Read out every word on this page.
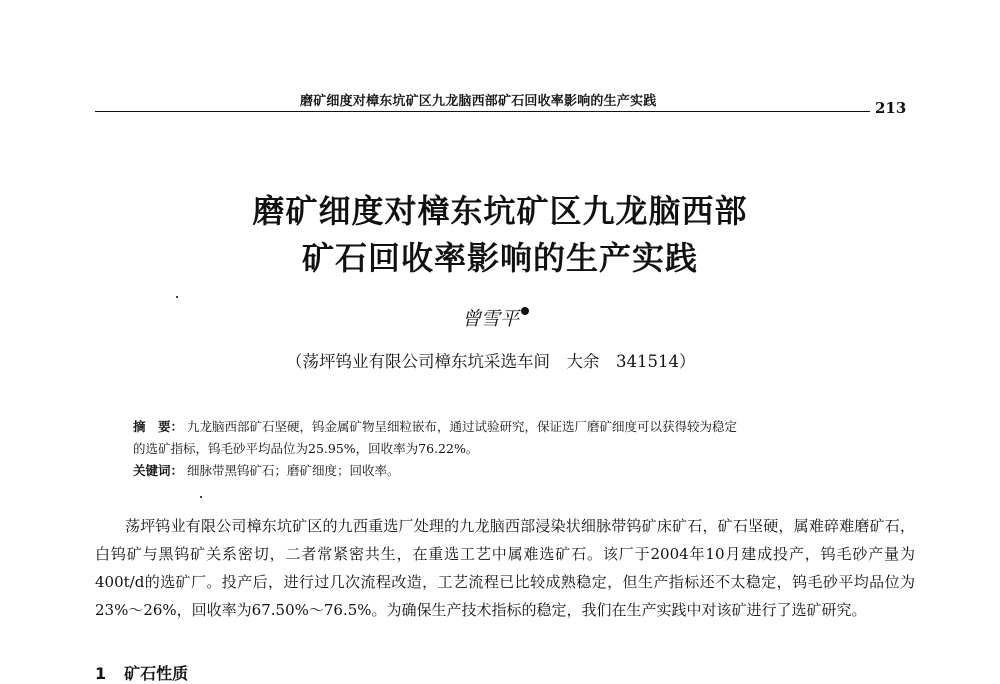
磨矿细度对樟东坑矿区九龙脑西部矿石回收率影响的生产实践	213
磨矿细度对樟东坑矿区九龙脑西部
矿石回收率影响的生产实践
曾雪平
（荡坪钨业有限公司樟东坑采选车间　大余　341514）

摘　要： 九龙脑西部矿石坚硬，钨金属矿物呈细粒嵌布，通过试验研究，保证选厂磨矿细度可以获得较为稳定

的选矿指标，钨毛砂平均品位为25.95%，回收率为76.22%。

关键词： 细脉带黑钨矿石；磨矿细度；回收率。

荡坪钨业有限公司樟东坑矿区的九西重选厂处理的九龙脑西部浸染状细脉带钨矿床矿石，矿石坚硬，属难碎难磨矿石，白钨矿与黑钨矿关系密切，二者常紧密共生，在重选工艺中属难选矿石。该厂于2004年10月建成投产，钨毛砂产量为400t/d的选矿厂。投产后，进行过几次流程改造，工艺流程已比较成熟稳定，但生产指标还不太稳定，钨毛砂平均品位为23%～26%，回收率为67.50%～76.5%。为确保生产技术指标的稳定，我们在生产实践中对该矿进行了选矿研究。

1 矿石性质
